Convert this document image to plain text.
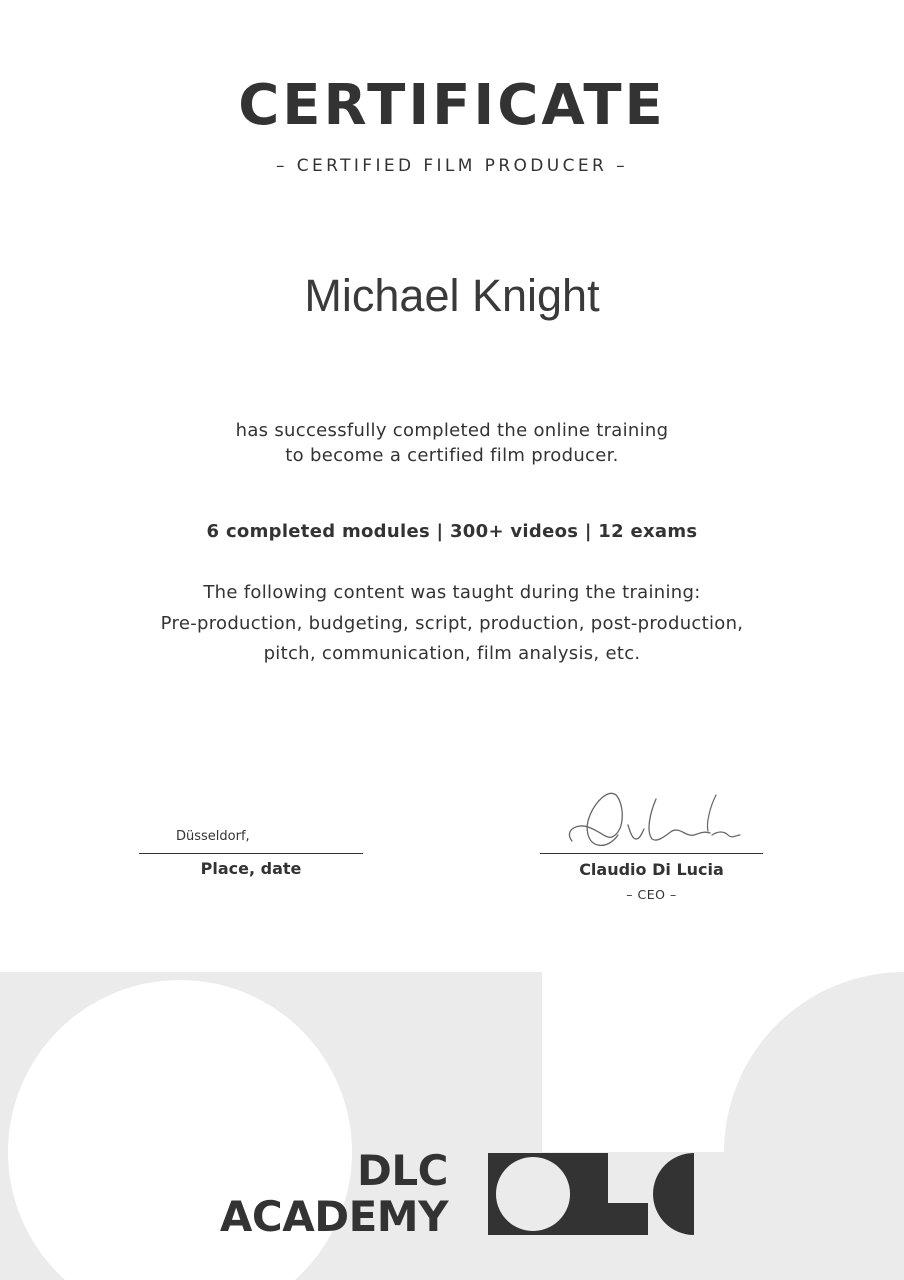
CERTIFICATE
– CERTIFIED FILM PRODUCER –
Michael Knight
has successfully completed the online training
to become a certified film producer.
6 completed modules | 300+ videos | 12 exams
The following content was taught during the training:
Pre-production, budgeting, script, production, post-production,
pitch, communication, film analysis, etc.
Düsseldorf,
Place, date	Claudio Di Lucia
– CEO –
DLC
ACADEMY
